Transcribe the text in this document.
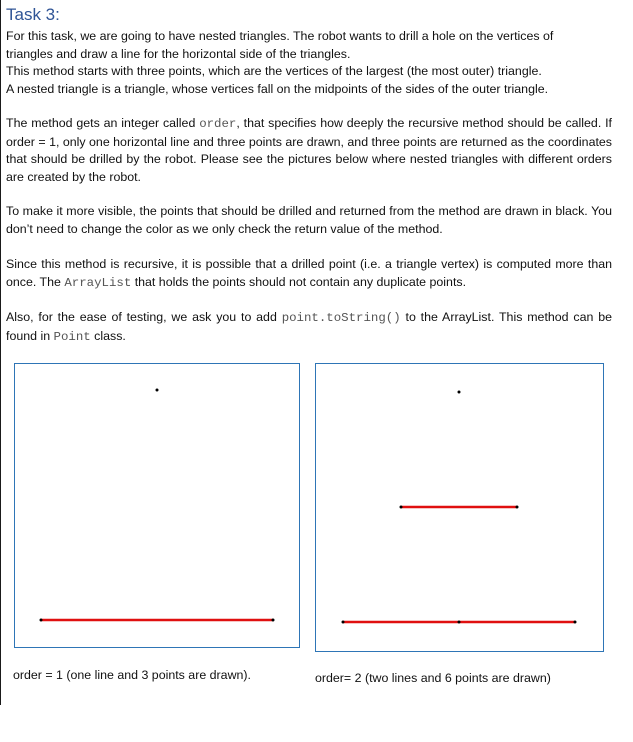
Task 3:
For this task, we are going to have nested triangles. The robot wants to drill a hole on the vertices of
triangles and draw a line for the horizontal side of the triangles.
This method starts with three points, which are the vertices of the largest (the most outer) triangle.
A nested triangle is a triangle, whose vertices fall on the midpoints of the sides of the outer triangle.
The method gets an integer called order, that specifies how deeply the recursive method should be called. If order = 1, only one horizontal line and three points are drawn, and three points are returned as the coordinates that should be drilled by the robot. Please see the pictures below where nested triangles with different orders are created by the robot.
To make it more visible, the points that should be drilled and returned from the method are drawn in black. You don’t need to change the color as we only check the return value of the method.
Since this method is recursive, it is possible that a drilled point (i.e. a triangle vertex) is computed more than once. The ArrayList that holds the points should not contain any duplicate points.
Also, for the ease of testing, we ask you to add point.toString() to the ArrayList. This method can be found in Point class.
order = 1 (one line and 3 points are drawn).	order= 2 (two lines and 6 points are drawn)
